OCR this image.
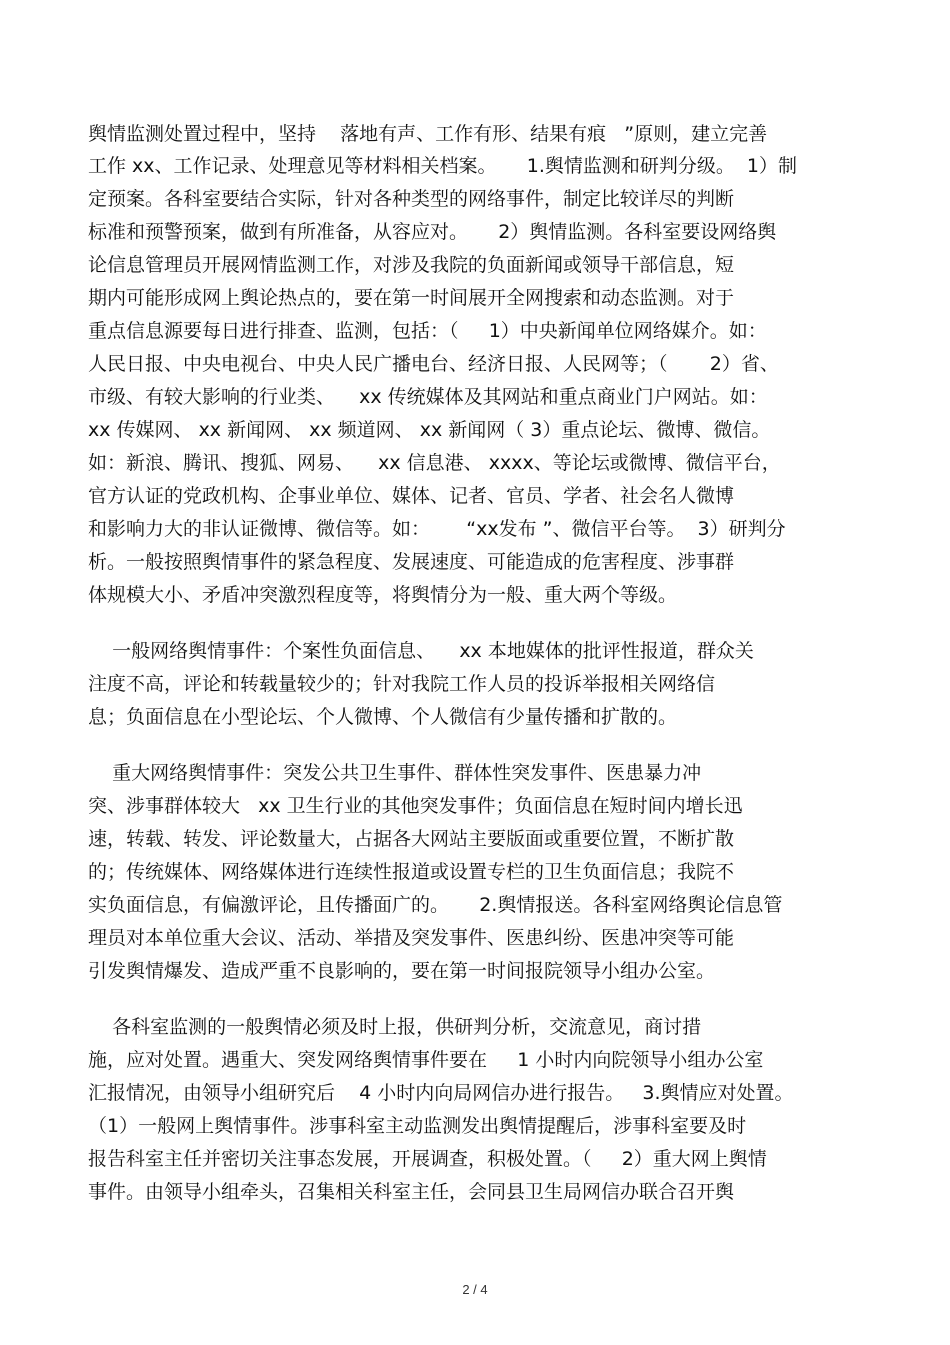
舆情监测处置过程中，坚持    落地有声、工作有形、结果有痕   ”原则，建立完善
工作 xx、工作记录、处理意见等材料相关档案。     1.舆情监测和研判分级。  1）制
定预案。各科室要结合实际，针对各种类型的网络事件，制定比较详尽的判断
标准和预警预案，做到有所准备，从容应对。     2）舆情监测。各科室要设网络舆
论信息管理员开展网情监测工作，对涉及我院的负面新闻或领导干部信息，短
期内可能形成网上舆论热点的，要在第一时间展开全网搜索和动态监测。对于
重点信息源要每日进行排查、监测，包括：（     1）中央新闻单位网络媒介。如：
人民日报、中央电视台、中央人民广播电台、经济日报、人民网等；（       2）省、
市级、有较大影响的行业类、    xx 传统媒体及其网站和重点商业门户网站。如：
xx 传媒网、 xx 新闻网、 xx 频道网、 xx 新闻网（ 3）重点论坛、微博、微信。
如：新浪、腾讯、搜狐、网易、    xx 信息港、 xxxx、等论坛或微博、微信平台，
官方认证的党政机构、企事业单位、媒体、记者、官员、学者、社会名人微博
和影响力大的非认证微博、微信等。如：      “xx发布 ”、微信平台等。  3）研判分
析。一般按照舆情事件的紧急程度、发展速度、可能造成的危害程度、涉事群
体规模大小、矛盾冲突激烈程度等，将舆情分为一般、重大两个等级。
一般网络舆情事件：个案性负面信息、    xx 本地媒体的批评性报道，群众关
注度不高，评论和转载量较少的；针对我院工作人员的投诉举报相关网络信
息；负面信息在小型论坛、个人微博、个人微信有少量传播和扩散的。
重大网络舆情事件：突发公共卫生事件、群体性突发事件、医患暴力冲
突、涉事群体较大   xx 卫生行业的其他突发事件；负面信息在短时间内增长迅
速，转载、转发、评论数量大，占据各大网站主要版面或重要位置，不断扩散
的；传统媒体、网络媒体进行连续性报道或设置专栏的卫生负面信息；我院不
实负面信息，有偏激评论，且传播面广的。     2.舆情报送。各科室网络舆论信息管
理员对本单位重大会议、活动、举措及突发事件、医患纠纷、医患冲突等可能
引发舆情爆发、造成严重不良影响的，要在第一时间报院领导小组办公室。
各科室监测的一般舆情必须及时上报，供研判分析，交流意见，商讨措
施，应对处置。遇重大、突发网络舆情事件要在     1 小时内向院领导小组办公室
汇报情况，由领导小组研究后    4 小时内向局网信办进行报告。   3.舆情应对处置。
（1）一般网上舆情事件。涉事科室主动监测发出舆情提醒后，涉事科室要及时
报告科室主任并密切关注事态发展，开展调查，积极处置。（     2）重大网上舆情
事件。由领导小组牵头，召集相关科室主任，会同县卫生局网信办联合召开舆
2 / 4
